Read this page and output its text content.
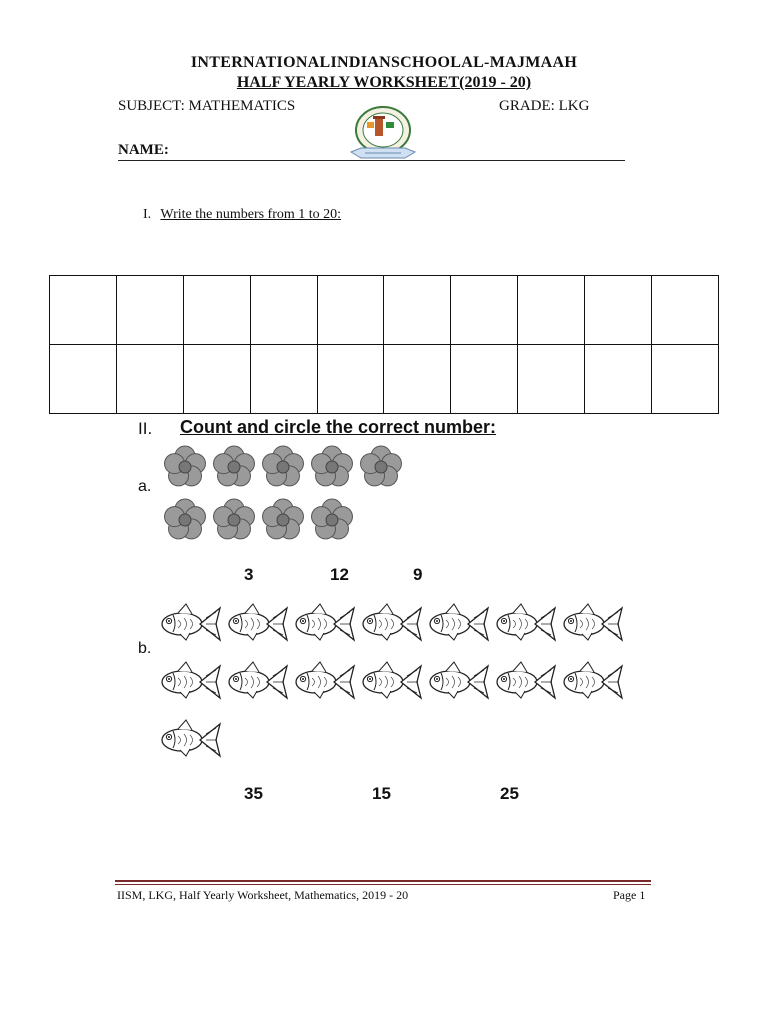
INTERNATIONALINDIANSCHOOLAL-MAJMAAH
HALF YEARLY WORKSHEET(2019 - 20)
SUBJECT: MATHEMATICS	GRADE: LKG
NAME:
I. Write the numbers from 1 to 20:

II. Count and circle the correct number:
a.
3	12	9
b.
35	15	25
IISM, LKG, Half Yearly Worksheet, Mathematics, 2019 - 20	Page 1
